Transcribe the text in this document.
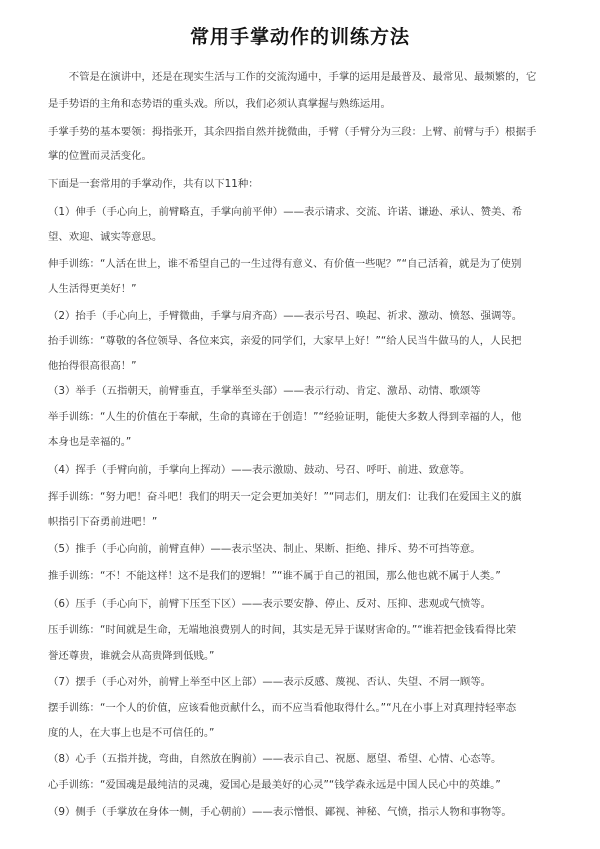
常用手掌动作的训练方法
　　不管是在演讲中，还是在现实生活与工作的交流沟通中，手掌的运用是最普及、最常见、最频繁的，它
是手势语的主角和态势语的重头戏。所以，我们必须认真掌握与熟练运用。
手掌手势的基本要领：拇指张开，其余四指自然并拢微曲，手臂（手臂分为三段：上臂、前臂与手）根据手
掌的位置而灵活变化。
下面是一套常用的手掌动作，共有以下11种：
（1）伸手（手心向上，前臂略直，手掌向前平伸）——表示请求、交流、许诺、谦逊、承认、赞美、希
望、欢迎、诚实等意思。
伸手训练：“人活在世上，谁不希望自己的一生过得有意义、有价值一些呢？”“自己活着，就是为了使别
人生活得更美好！”
（2）抬手（手心向上，手臂微曲，手掌与肩齐高）——表示号召、唤起、祈求、激动、愤怒、强调等。
抬手训练：“尊敬的各位领导、各位来宾，亲爱的同学们，大家早上好！”“给人民当牛做马的人，人民把
他抬得很高很高！”
（3）举手（五指朝天，前臂垂直，手掌举至头部）——表示行动、肯定、激昂、动情、歌颂等
举手训练：“人生的价值在于奉献，生命的真谛在于创造！”“经验证明，能使大多数人得到幸福的人，他
本身也是幸福的。”
（4）挥手（手臂向前，手掌向上挥动）——表示激励、鼓动、号召、呼吁、前进、致意等。
挥手训练：“努力吧！奋斗吧！我们的明天一定会更加美好！”“同志们，朋友们：让我们在爱国主义的旗
帜指引下奋勇前进吧！”
（5）推手（手心向前，前臂直伸）——表示坚决、制止、果断、拒绝、排斥、势不可挡等意。
推手训练：“不！不能这样！这不是我们的逻辑！”“谁不属于自己的祖国，那么他也就不属于人类。”
（6）压手（手心向下，前臂下压至下区）——表示要安静、停止、反对、压抑、悲观或气愤等。
压手训练：“时间就是生命，无端地浪费别人的时间，其实是无异于谋财害命的。”“谁若把金钱看得比荣
誉还尊贵，谁就会从高贵降到低贱。”
（7）摆手（手心对外，前臂上举至中区上部）——表示反感、蔑视、否认、失望、不屑一顾等。
摆手训练：“一个人的价值，应该看他贡献什么，而不应当看他取得什么。”“凡在小事上对真理持轻率态
度的人，在大事上也是不可信任的。”
（8）心手（五指并拢，弯曲，自然放在胸前）——表示自己、祝愿、愿望、希望、心情、心态等。
心手训练：“爱国魂是最纯洁的灵魂，爱国心是最美好的心灵”“钱学森永远是中国人民心中的英雄。”
（9）侧手（手掌放在身体一侧，手心朝前）——表示憎恨、鄙视、神秘、气愤，指示人物和事物等。
